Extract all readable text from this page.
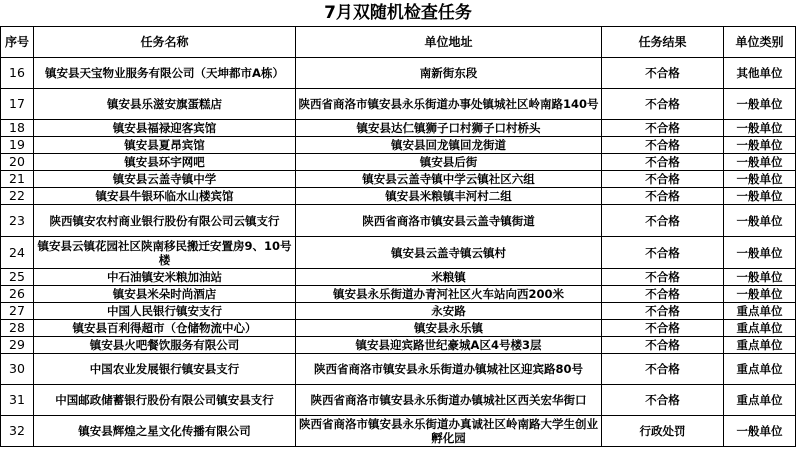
7月双随机检查任务
序号	任务名称	单位地址	任务结果	单位类别
16	镇安县天宝物业服务有限公司（天坤都市A栋）	南新街东段	不合格	其他单位
17	镇安县乐滋安旗蛋糕店	陕西省商洛市镇安县永乐街道办事处镇城社区岭南路140号	不合格	一般单位
18	镇安县福禄迎客宾馆	镇安县达仁镇狮子口村狮子口村桥头	不合格	一般单位
19	镇安县夏昂宾馆	镇安县回龙镇回龙街道	不合格	一般单位
20	镇安县环宇网吧	镇安县后街	不合格	一般单位
21	镇安县云盖寺镇中学	镇安县云盖寺镇中学云镇社区六组	不合格	一般单位
22	镇安县牛银环临水山楼宾馆	镇安县米粮镇丰河村二组	不合格	一般单位
23	陕西镇安农村商业银行股份有限公司云镇支行	陕西省商洛市镇安县云盖寺镇街道	不合格	一般单位
24	镇安县云镇花园社区陕南移民搬迁安置房9、10号楼	镇安县云盖寺镇云镇村	不合格	一般单位
25	中石油镇安米粮加油站	米粮镇	不合格	一般单位
26	镇安县米朵时尚酒店	镇安县永乐街道办青河社区火车站向西200米	不合格	一般单位
27	中国人民银行镇安支行	永安路	不合格	重点单位
28	镇安县百利得超市（仓储物流中心）	镇安县永乐镇	不合格	重点单位
29	镇安县火吧餐饮服务有限公司	镇安县迎宾路世纪豪城A区4号楼3层	不合格	重点单位
30	中国农业发展银行镇安县支行	陕西省商洛市镇安县永乐街道办镇城社区迎宾路80号	不合格	重点单位
31	中国邮政储蓄银行股份有限公司镇安县支行	陕西省商洛市镇安县永乐街道办镇城社区西关宏华街口	不合格	重点单位
32	镇安县辉煌之星文化传播有限公司	陕西省商洛市镇安县永乐街道办真诚社区岭南路大学生创业孵化园	行政处罚	一般单位
